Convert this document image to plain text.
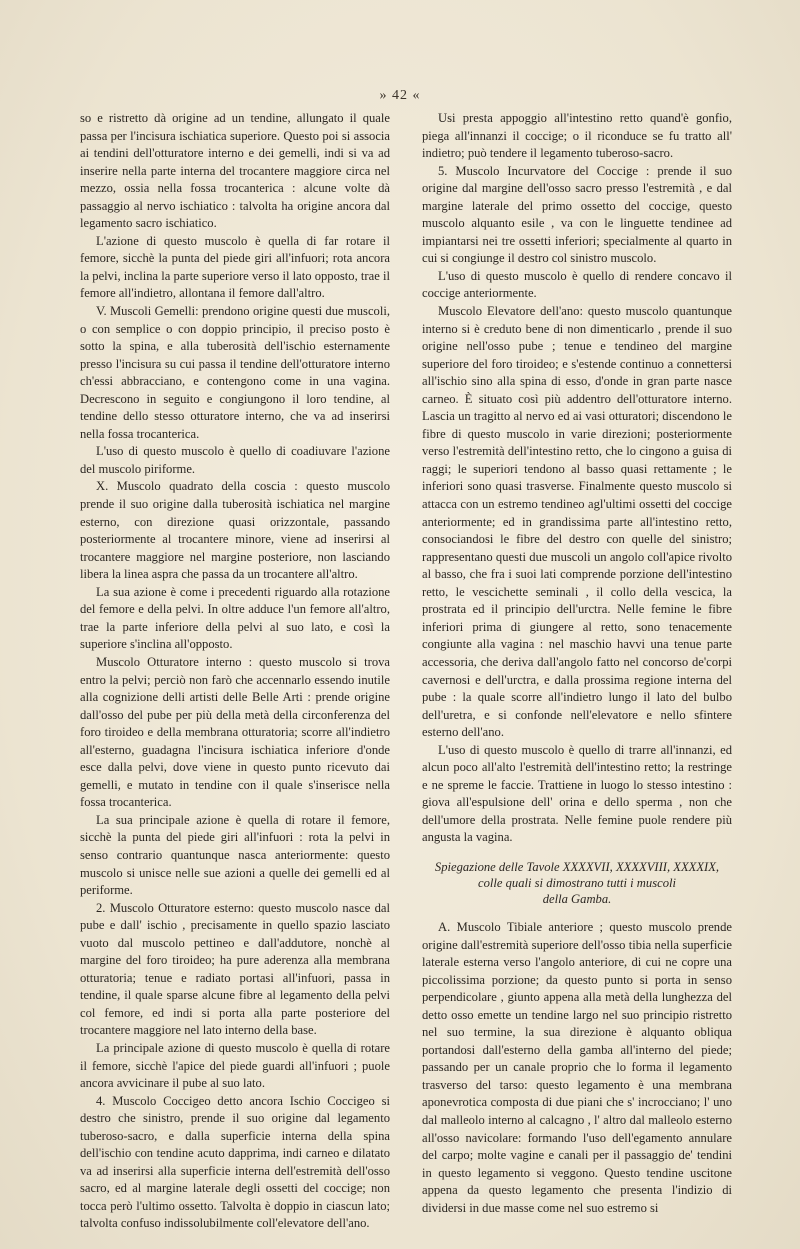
» 42 «

so e ristretto dà origine ad un tendine, allungato il quale passa per l'incisura ischiatica superiore. Questo poi si associa ai tendini dell'otturatore interno e dei gemelli, indi si va ad inserire nella parte interna del trocantere maggiore circa nel mezzo, ossia nella fossa trocanterica : alcune volte dà passaggio al nervo ischiatico : talvolta ha origine ancora dal legamento sacro ischiatico.

L'azione di questo muscolo è quella di far rotare il femore, sicchè la punta del piede giri all'infuori; rota ancora la pelvi, inclina la parte superiore verso il lato opposto, trae il femore all'indietro, allontana il femore dall'altro.

V. Muscoli Gemelli: prendono origine questi due muscoli, o con semplice o con doppio principio, il preciso posto è sotto la spina, e alla tuberosità dell'ischio esternamente presso l'incisura su cui passa il tendine dell'otturatore interno ch'essi abbracciano, e contengono come in una vagina. Decrescono in seguito e congiungono il loro tendine, al tendine dello stesso otturatore interno, che va ad inserirsi nella fossa trocanterica.

L'uso di questo muscolo è quello di coadiuvare l'azione del muscolo piriforme.

X. Muscolo quadrato della coscia : questo muscolo prende il suo origine dalla tuberosità ischiatica nel margine esterno, con direzione quasi orizzontale, passando posteriormente al trocantere minore, viene ad inserirsi al trocantere maggiore nel margine posteriore, non lasciando libera la linea aspra che passa da un trocantere all'altro.

La sua azione è come i precedenti riguardo alla rotazione del femore e della pelvi. In oltre adduce l'un femore all'altro, trae la parte inferiore della pelvi al suo lato, e così la superiore s'inclina all'opposto.

Muscolo Otturatore interno : questo muscolo si trova entro la pelvi; perciò non farò che accennarlo essendo inutile alla cognizione delli artisti delle Belle Arti : prende origine dall'osso del pube per più della metà della circonferenza del foro tiroideo e della membrana otturatoria; scorre all'indietro all'esterno, guadagna l'incisura ischiatica inferiore d'onde esce dalla pelvi, dove viene in questo punto ricevuto dai gemelli, e mutato in tendine con il quale s'inserisce nella fossa trocanterica.

La sua principale azione è quella di rotare il femore, sicchè la punta del piede giri all'infuori : rota la pelvi in senso contrario quantunque nasca anteriormente: questo muscolo si unisce nelle sue azioni a quelle dei gemelli ed al periforme.

2. Muscolo Otturatore esterno: questo muscolo nasce dal pube e dall' ischio , precisamente in quello spazio lasciato vuoto dal muscolo pettineo e dall'addutore, nonchè al margine del foro tiroideo; ha pure aderenza alla membrana otturatoria; tenue e radiato portasi all'infuori, passa in tendine, il quale sparse alcune fibre al legamento della pelvi col femore, ed indi si porta alla parte posteriore del trocantere maggiore nel lato interno della base.

La principale azione di questo muscolo è quella di rotare il femore, sicchè l'apice del piede guardi all'infuori ; puole ancora avvicinare il pube al suo lato.

4. Muscolo Coccigeo detto ancora Ischio Coccigeo si destro che sinistro, prende il suo origine dal legamento tuberoso-sacro, e dalla superficie interna della spina dell'ischio con tendine acuto dapprima, indi carneo e dilatato va ad inserirsi alla superficie interna dell'estremità dell'osso sacro, ed al margine laterale degli ossetti del coccige; non tocca però l'ultimo ossetto. Talvolta è doppio in ciascun lato; talvolta confuso indissolubilmente coll'elevatore dell'ano.

Usi presta appoggio all'intestino retto quand'è gonfio, piega all'innanzi il coccige; o il riconduce se fu tratto all' indietro; può tendere il legamento tuberoso-sacro.

5. Muscolo Incurvatore del Coccige : prende il suo origine dal margine dell'osso sacro presso l'estremità , e dal margine laterale del primo ossetto del coccige, questo muscolo alquanto esile , va con le linguette tendinee ad impiantarsi nei tre ossetti inferiori; specialmente al quarto in cui si congiunge il destro col sinistro muscolo.

L'uso di questo muscolo è quello di rendere concavo il coccige anteriormente.

Muscolo Elevatore dell'ano: questo muscolo quantunque interno si è creduto bene di non dimenticarlo , prende il suo origine nell'osso pube ; tenue e tendineo del margine superiore del foro tiroideo; e s'estende continuo a connettersi all'ischio sino alla spina di esso, d'onde in gran parte nasce carneo. È situato così più addentro dell'otturatore interno. Lascia un tragitto al nervo ed ai vasi otturatori; discendono le fibre di questo muscolo in varie direzioni; posteriormente verso l'estremità dell'intestino retto, che lo cingono a guisa di raggi; le superiori tendono al basso quasi rettamente ; le inferiori sono quasi trasverse. Finalmente questo muscolo si attacca con un estremo tendineo agl'ultimi ossetti del coccige anteriormente; ed in grandissima parte all'intestino retto, consociandosi le fibre del destro con quelle del sinistro; rappresentano questi due muscoli un angolo coll'apice rivolto al basso, che fra i suoi lati comprende porzione dell'intestino retto, le vescichette seminali , il collo della vescica, la prostrata ed il principio dell'urctra. Nelle femine le fibre inferiori prima di giungere al retto, sono tenacemente congiunte alla vagina : nel maschio havvi una tenue parte accessoria, che deriva dall'angolo fatto nel concorso de'corpi cavernosi e dell'urctra, e dalla prossima regione interna del pube : la quale scorre all'indietro lungo il lato del bulbo dell'uretra, e si confonde nell'elevatore e nello sfintere esterno dell'ano.

L'uso di questo muscolo è quello di trarre all'innanzi, ed alcun poco all'alto l'estremità dell'intestino retto; la restringe e ne spreme le faccie. Trattiene in luogo lo stesso intestino : giova all'espulsione dell' orina e dello sperma , non che dell'umore della prostrata. Nelle femine puole rendere più angusta la vagina.

Spiegazione delle Tavole XXXXVII, XXXXVIII, XXXXIX,
colle quali si dimostrano tutti i muscoli
della Gamba.

A. Muscolo Tibiale anteriore ; questo muscolo prende origine dall'estremità superiore dell'osso tibia nella superficie laterale esterna verso l'angolo anteriore, di cui ne copre una piccolissima porzione; da questo punto si porta in senso perpendicolare , giunto appena alla metà della lunghezza del detto osso emette un tendine largo nel suo principio ristretto nel suo termine, la sua direzione è alquanto obliqua portandosi dall'esterno della gamba all'interno del piede; passando per un canale proprio che lo forma il legamento trasverso del tarso: questo legamento è una membrana aponevrotica composta di due piani che s' incrocciano; l' uno dal malleolo interno al calcagno , l' altro dal malleolo esterno all'osso navicolare: formando l'uso dell'egamento annulare del carpo; molte vagine e canali per il passaggio de' tendini in questo legamento si veggono. Questo tendine uscitone appena da questo legamento che presenta l'indizio di dividersi in due masse come nel suo estremo si
